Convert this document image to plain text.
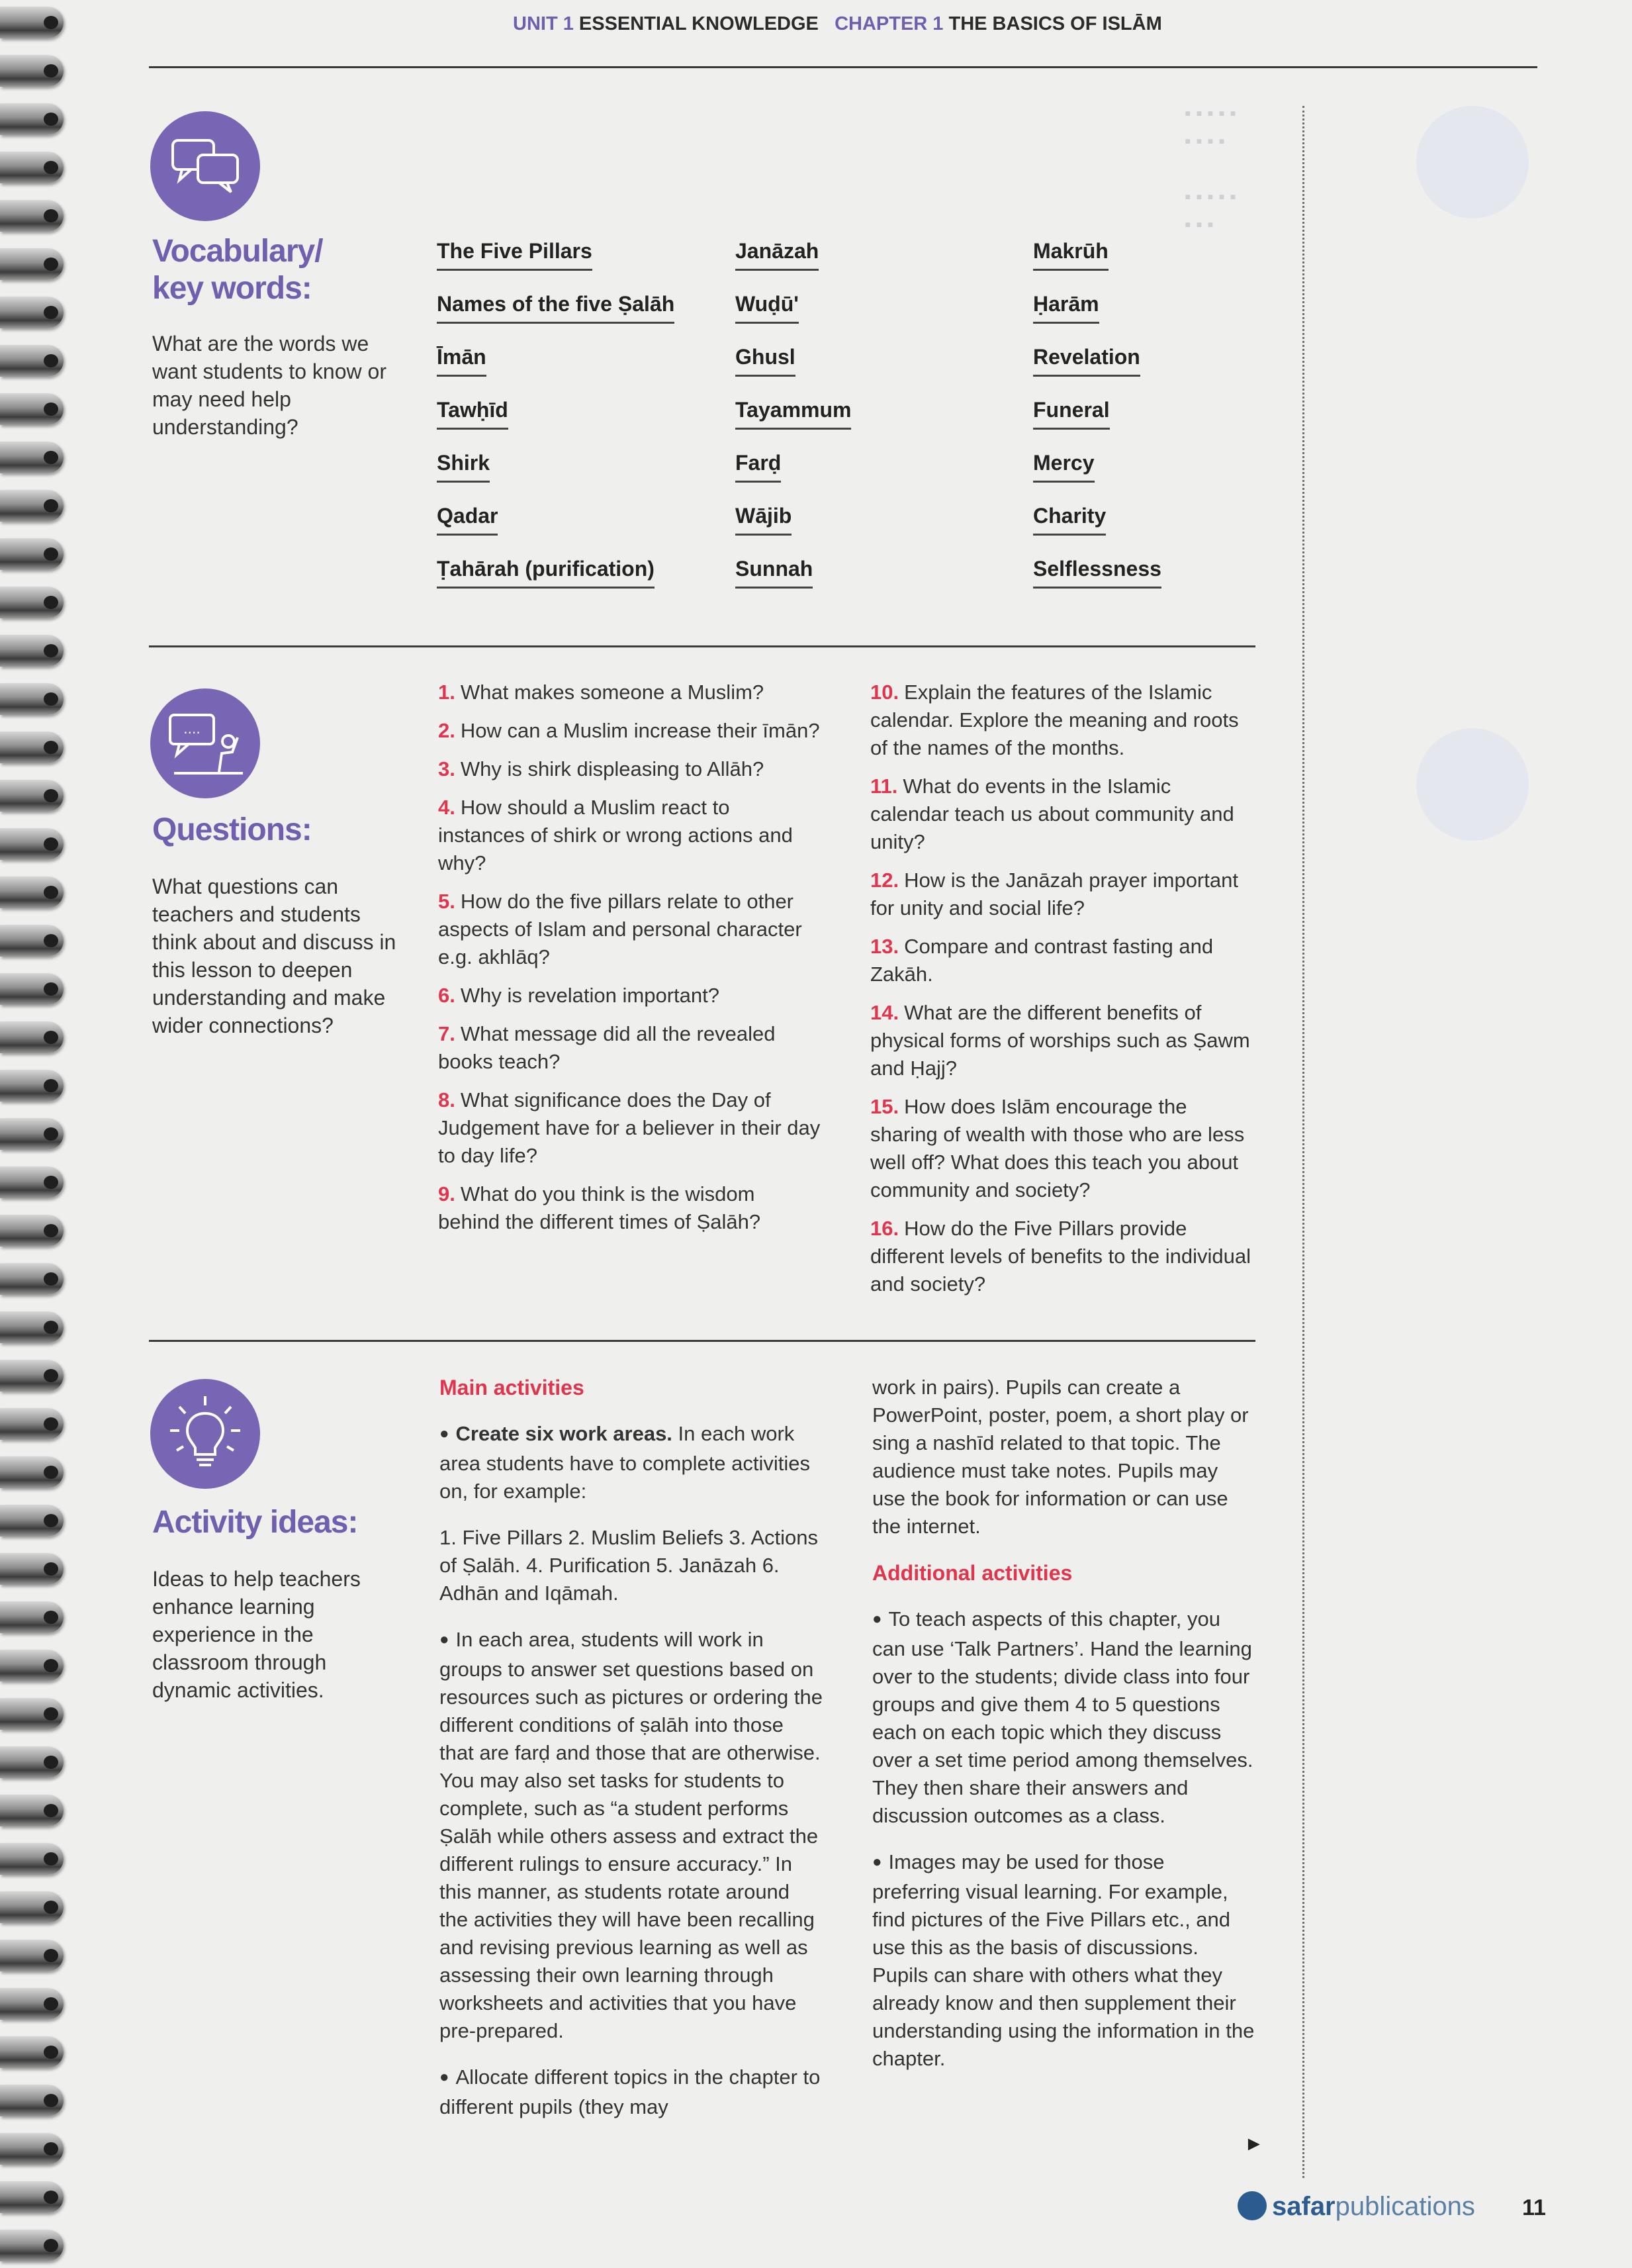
▪ ▪ ▪ ▪ ▪
▪ ▪ ▪ ▪

▪ ▪ ▪ ▪ ▪
▪ ▪ ▪
UNIT 1 ESSENTIAL KNOWLEDGE CHAPTER 1 THE BASICS OF ISLĀM
Vocabulary/
key words:
What are the words we want students to know or may need help understanding?
The Five Pillars
Names of the five Ṣalāh
Īmān
Tawḥīd
Shirk
Qadar
Ṭahārah (purification)
Janāzah
Wuḍū'
Ghusl
Tayammum
Farḍ
Wājib
Sunnah
Makrūh
Ḥarām
Revelation
Funeral
Mercy
Charity
Selflessness
....
Questions:
What questions can teachers and students think about and discuss in this lesson to deepen understanding and make wider connections?
1. What makes someone a Muslim?
2. How can a Muslim increase their īmān?
3. Why is shirk displeasing to Allāh?
4. How should a Muslim react to instances of shirk or wrong actions and why?
5. How do the five pillars relate to other aspects of Islam and personal character e.g. akhlāq?
6. Why is revelation important?
7. What message did all the revealed books teach?
8. What significance does the Day of Judgement have for a believer in their day to day life?
9. What do you think is the wisdom behind the different times of Ṣalāh?
10. Explain the features of the Islamic calendar. Explore the meaning and roots of the names of the months.
11. What do events in the Islamic calendar teach us about community and unity?
12. How is the Janāzah prayer important for unity and social life?
13. Compare and contrast fasting and Zakāh.
14. What are the different benefits of physical forms of worships such as Ṣawm and Ḥajj?
15. How does Islām encourage the sharing of wealth with those who are less well off? What does this teach you about community and society?
16. How do the Five Pillars provide different levels of benefits to the individual and society?
Activity ideas:
Ideas to help teachers enhance learning experience in the classroom through dynamic activities.

Main activities

● Create six work areas. In each work area students have to complete activities on, for example:

1. Five Pillars 2. Muslim Beliefs 3. Actions of Ṣalāh. 4. Purification 5. Janāzah 6. Adhān and Iqāmah.

● In each area, students will work in groups to answer set questions based on resources such as pictures or ordering the different conditions of ṣalāh into those that are farḍ and those that are otherwise. You may also set tasks for students to complete, such as “a student performs Ṣalāh while others assess and extract the different rulings to ensure accuracy.” In this manner, as students rotate around the activities they will have been recalling and revising previous learning as well as assessing their own learning through worksheets and activities that you have pre-prepared.

● Allocate different topics in the chapter to different pupils (they may

work in pairs). Pupils can create a PowerPoint, poster, poem, a short play or sing a nashīd related to that topic. The audience must take notes. Pupils may use the book for information or can use the internet.

Additional activities

● To teach aspects of this chapter, you can use ‘Talk Partners’. Hand the learning over to the students; divide class into four groups and give them 4 to 5 questions each on each topic which they discuss over a set time period among themselves. They then share their answers and discussion outcomes as a class.

● Images may be used for those preferring visual learning. For example, find pictures of the Five Pillars etc., and use this as the basis of discussions. Pupils can share with others what they already know and then supplement their understanding using the information in the chapter.

►
safarpublications 11
